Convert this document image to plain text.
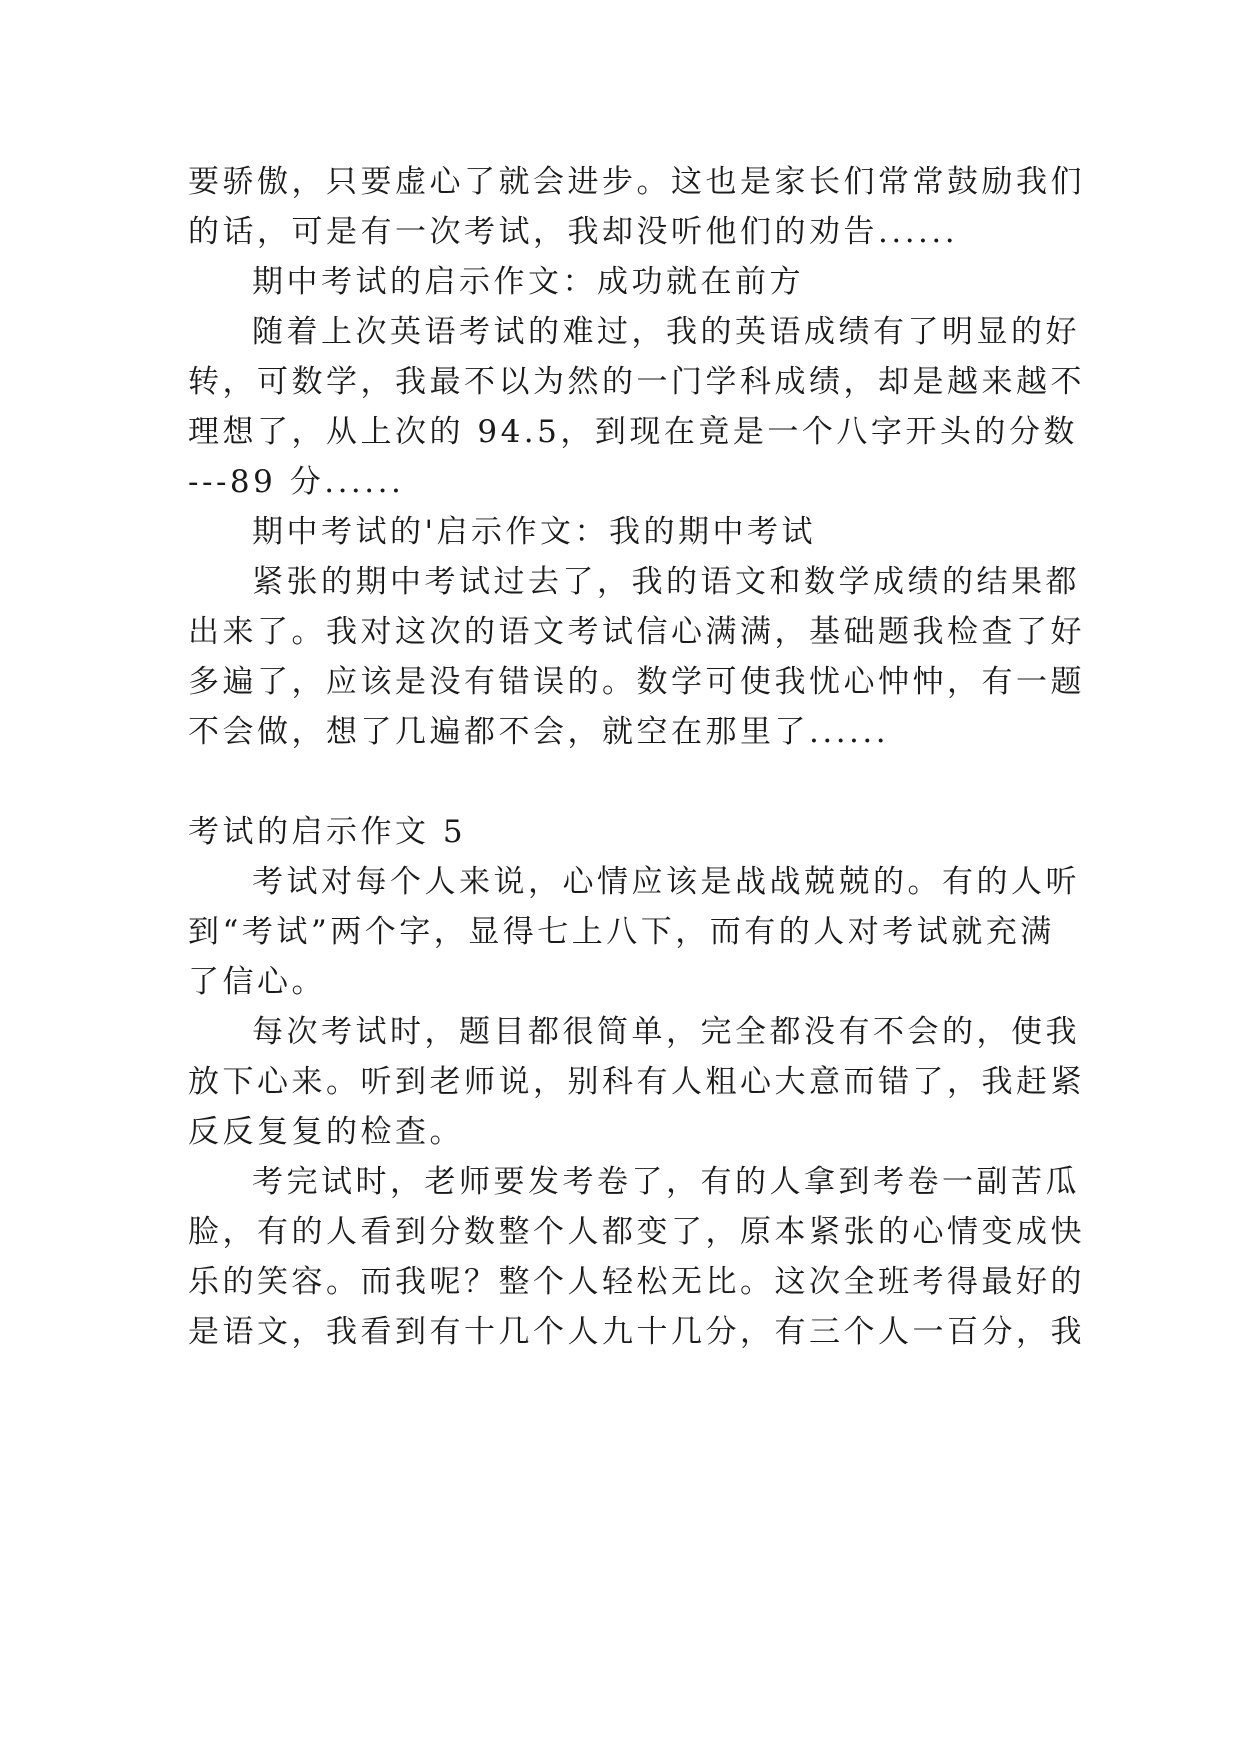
要骄傲，只要虚心了就会进步。这也是家长们常常鼓励我们
的话，可是有一次考试，我却没听他们的劝告......
期中考试的启示作文：成功就在前方
随着上次英语考试的难过，我的英语成绩有了明显的好
转，可数学，我最不以为然的一门学科成绩，却是越来越不
理想了，从上次的 94.5，到现在竟是一个八字开头的分数
---89 分......
期中考试的'启示作文：我的期中考试
紧张的期中考试过去了，我的语文和数学成绩的结果都
出来了。我对这次的语文考试信心满满，基础题我检查了好
多遍了，应该是没有错误的。数学可使我忧心忡忡，有一题
不会做，想了几遍都不会，就空在那里了......
考试的启示作文 5
考试对每个人来说，心情应该是战战兢兢的。有的人听
到“考试”两个字，显得七上八下，而有的人对考试就充满
了信心。
每次考试时，题目都很简单，完全都没有不会的，使我
放下心来。听到老师说，别科有人粗心大意而错了，我赶紧
反反复复的检查。
考完试时，老师要发考卷了，有的人拿到考卷一副苦瓜
脸，有的人看到分数整个人都变了，原本紧张的心情变成快
乐的笑容。而我呢？整个人轻松无比。这次全班考得最好的
是语文，我看到有十几个人九十几分，有三个人一百分，我
